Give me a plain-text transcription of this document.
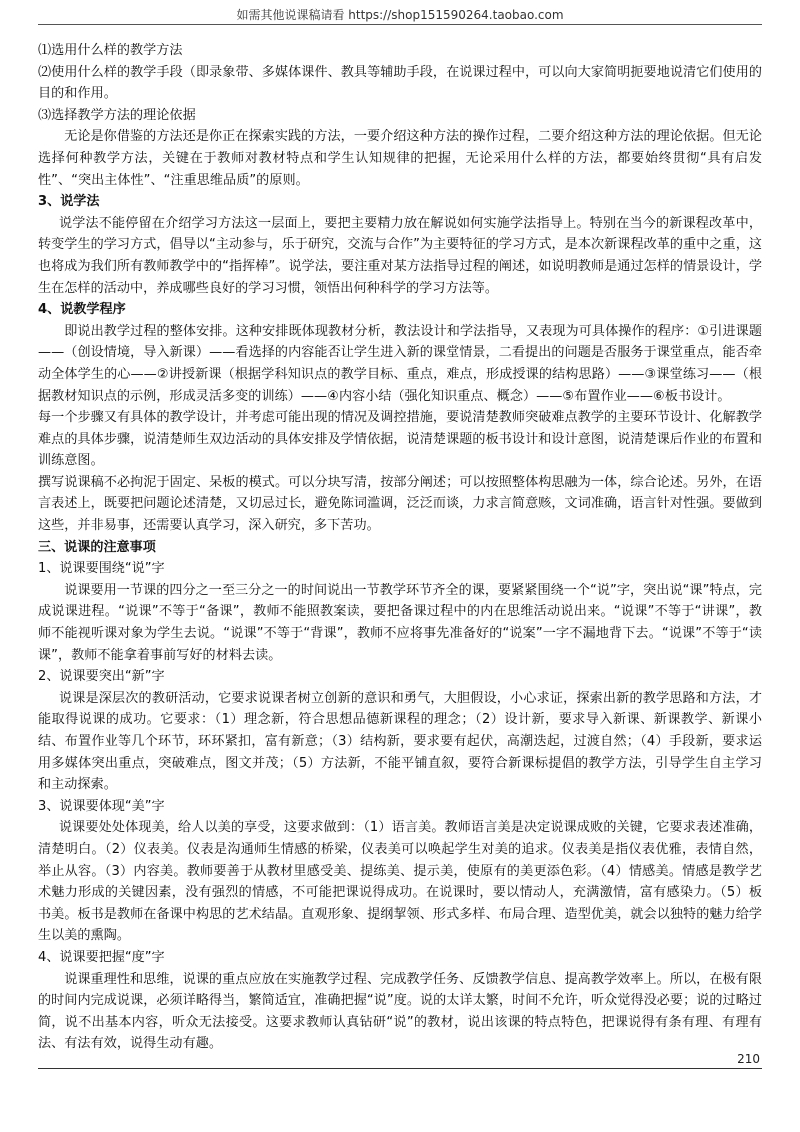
如需其他说课稿请看 https://shop151590264.taobao.com

⑴选用什么样的教学方法

⑵使用什么样的教学手段（即录象带、多媒体课件、教具等辅助手段，在说课过程中，可以向大家简明扼要地说清它们使用的目的和作用。

⑶选择教学方法的理论依据

无论是你借鉴的方法还是你正在探索实践的方法，一要介绍这种方法的操作过程，二要介绍这种方法的理论依据。但无论选择何种教学方法，关键在于教师对教材特点和学生认知规律的把握，无论采用什么样的方法，都要始终贯彻“具有启发性”、“突出主体性”、“注重思维品质”的原则。

3、说学法

说学法不能停留在介绍学习方法这一层面上，要把主要精力放在解说如何实施学法指导上。特别在当今的新课程改革中，转变学生的学习方式，倡导以“主动参与，乐于研究，交流与合作”为主要特征的学习方式，是本次新课程改革的重中之重，这也将成为我们所有教师教学中的“指挥棒”。说学法，要注重对某方法指导过程的阐述，如说明教师是通过怎样的情景设计，学生在怎样的活动中，养成哪些良好的学习习惯，领悟出何种科学的学习方法等。

4、说教学程序

即说出教学过程的整体安排。这种安排既体现教材分析，教法设计和学法指导，又表现为可具体操作的程序：①引进课题——（创设情境，导入新课）——看选择的内容能否让学生进入新的课堂情景，二看提出的问题是否服务于课堂重点，能否牵动全体学生的心——②讲授新课（根据学科知识点的教学目标、重点，难点，形成授课的结构思路）——③课堂练习——（根据教材知识点的示例，形成灵活多变的训练）——④内容小结（强化知识重点、概念）——⑤布置作业——⑥板书设计。

每一个步骤又有具体的教学设计，并考虑可能出现的情况及调控措施，要说清楚教师突破难点教学的主要环节设计、化解教学难点的具体步骤，说清楚师生双边活动的具体安排及学情依据，说清楚课题的板书设计和设计意图，说清楚课后作业的布置和训练意图。

撰写说课稿不必拘泥于固定、呆板的模式。可以分块写清，按部分阐述；可以按照整体构思融为一体，综合论述。另外，在语言表述上，既要把问题论述清楚，又切忌过长，避免陈词滥调，泛泛而谈，力求言简意赅，文词准确，语言针对性强。要做到这些，并非易事，还需要认真学习，深入研究，多下苦功。

三、说课的注意事项

1、说课要围绕“说”字

说课要用一节课的四分之一至三分之一的时间说出一节教学环节齐全的课，要紧紧围绕一个“说”字，突出说“课”特点，完成说课进程。“说课”不等于“备课”，教师不能照教案读，要把备课过程中的内在思维活动说出来。“说课”不等于“讲课”，教师不能视听课对象为学生去说。“说课”不等于“背课”，教师不应将事先准备好的“说案”一字不漏地背下去。“说课”不等于“读课”，教师不能拿着事前写好的材料去读。

2、说课要突出“新”字

说课是深层次的教研活动，它要求说课者树立创新的意识和勇气，大胆假设，小心求证，探索出新的教学思路和方法，才能取得说课的成功。它要求：（1）理念新，符合思想品德新课程的理念；（2）设计新，要求导入新课、新课教学、新课小结、布置作业等几个环节，环环紧扣，富有新意；（3）结构新，要求要有起伏，高潮迭起，过渡自然；（4）手段新，要求运用多媒体突出重点，突破难点，图文并茂；（5）方法新，不能平铺直叙，要符合新课标提倡的教学方法，引导学生自主学习和主动探索。

3、说课要体现“美”字

说课要处处体现美，给人以美的享受，这要求做到：（1）语言美。教师语言美是决定说课成败的关键，它要求表述准确，清楚明白。（2）仪表美。仪表是沟通师生情感的桥梁，仪表美可以唤起学生对美的追求。仪表美是指仪表优雅，表情自然，举止从容。（3）内容美。教师要善于从教材里感受美、提练美、提示美，使原有的美更添色彩。（4）情感美。情感是教学艺术魅力形成的关键因素，没有强烈的情感，不可能把课说得成功。在说课时，要以情动人，充满激情，富有感染力。（5）板书美。板书是教师在备课中构思的艺术结晶。直观形象、提纲挈领、形式多样、布局合理、造型优美，就会以独特的魅力给学生以美的熏陶。

4、说课要把握“度”字

说课重理性和思维，说课的重点应放在实施教学过程、完成教学任务、反馈教学信息、提高教学效率上。所以，在极有限的时间内完成说课，必须详略得当，繁简适宜，准确把握“说”度。说的太详太繁，时间不允许，听众觉得没必要；说的过略过简，说不出基本内容，听众无法接受。这要求教师认真钻研“说”的教材，说出该课的特点特色，把课说得有条有理、有理有法、有法有效，说得生动有趣。

210
